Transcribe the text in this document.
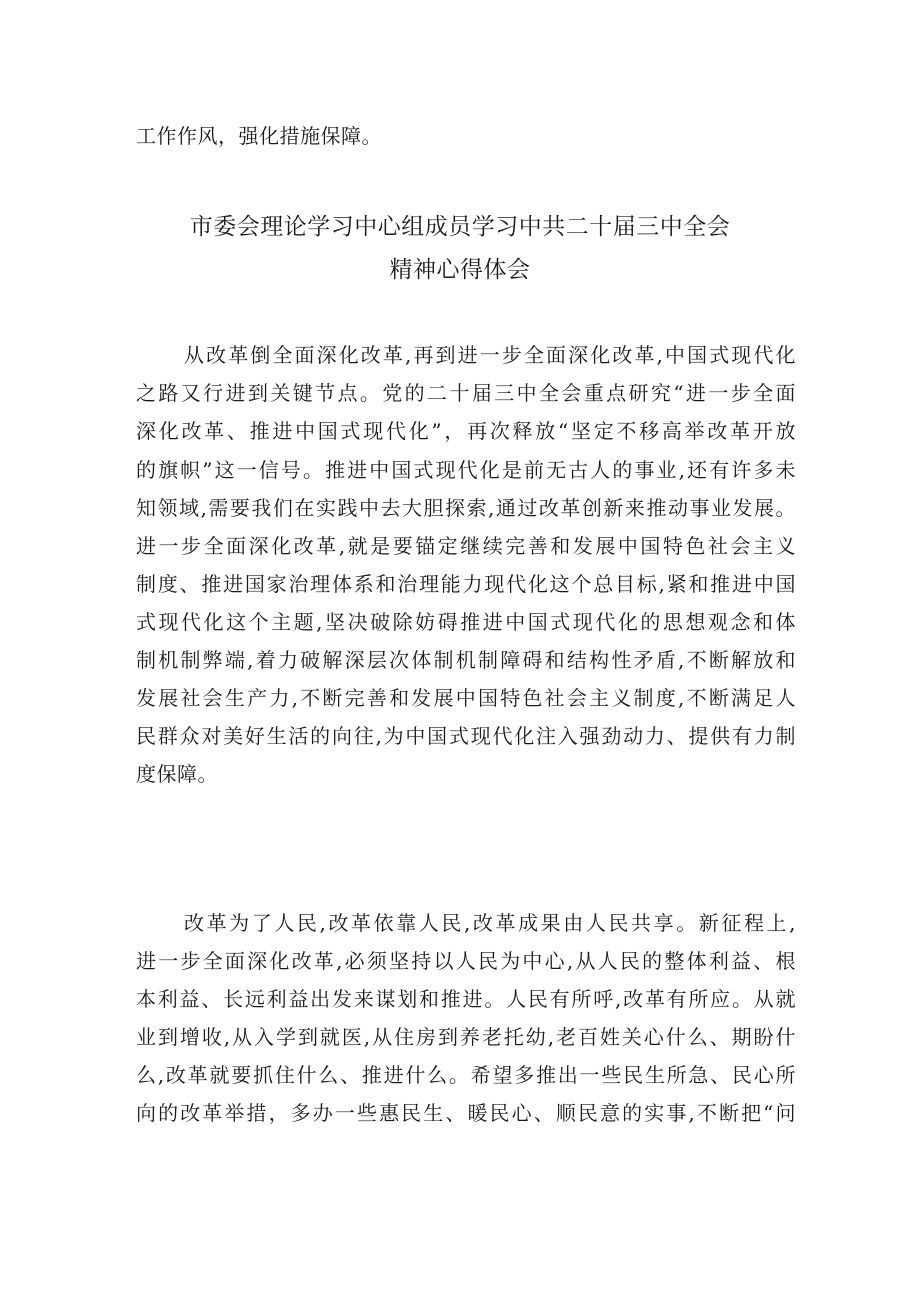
工作作风，强化措施保障。
市委会理论学习中心组成员学习中共二十届三中全会
精神心得体会
从改革倒全面深化改革,再到进一步全面深化改革,中国式现代化
之路又行进到关键节点。党的二十届三中全会重点研究“进一步全面
深化改革、推进中国式现代化”，再次释放“坚定不移高举改革开放
的旗帜”这一信号。推进中国式现代化是前无古人的事业,还有许多未
知领域,需要我们在实践中去大胆探索,通过改革创新来推动事业发展。
进一步全面深化改革,就是要锚定继续完善和发展中国特色社会主义
制度、推进国家治理体系和治理能力现代化这个总目标,紧和推进中国
式现代化这个主题,坚决破除妨碍推进中国式现代化的思想观念和体
制机制弊端,着力破解深层次体制机制障碍和结构性矛盾,不断解放和
发展社会生产力,不断完善和发展中国特色社会主义制度,不断满足人
民群众对美好生活的向往,为中国式现代化注入强劲动力、提供有力制
度保障。
改革为了人民,改革依靠人民,改革成果由人民共享。新征程上,
进一步全面深化改革,必须坚持以人民为中心,从人民的整体利益、根
本利益、长远利益出发来谋划和推进。人民有所呼,改革有所应。从就
业到增收,从入学到就医,从住房到养老托幼,老百姓关心什么、期盼什
么,改革就要抓住什么、推进什么。希望多推出一些民生所急、民心所
向的改革举措，多办一些惠民生、暖民心、顺民意的实事,不断把“问
